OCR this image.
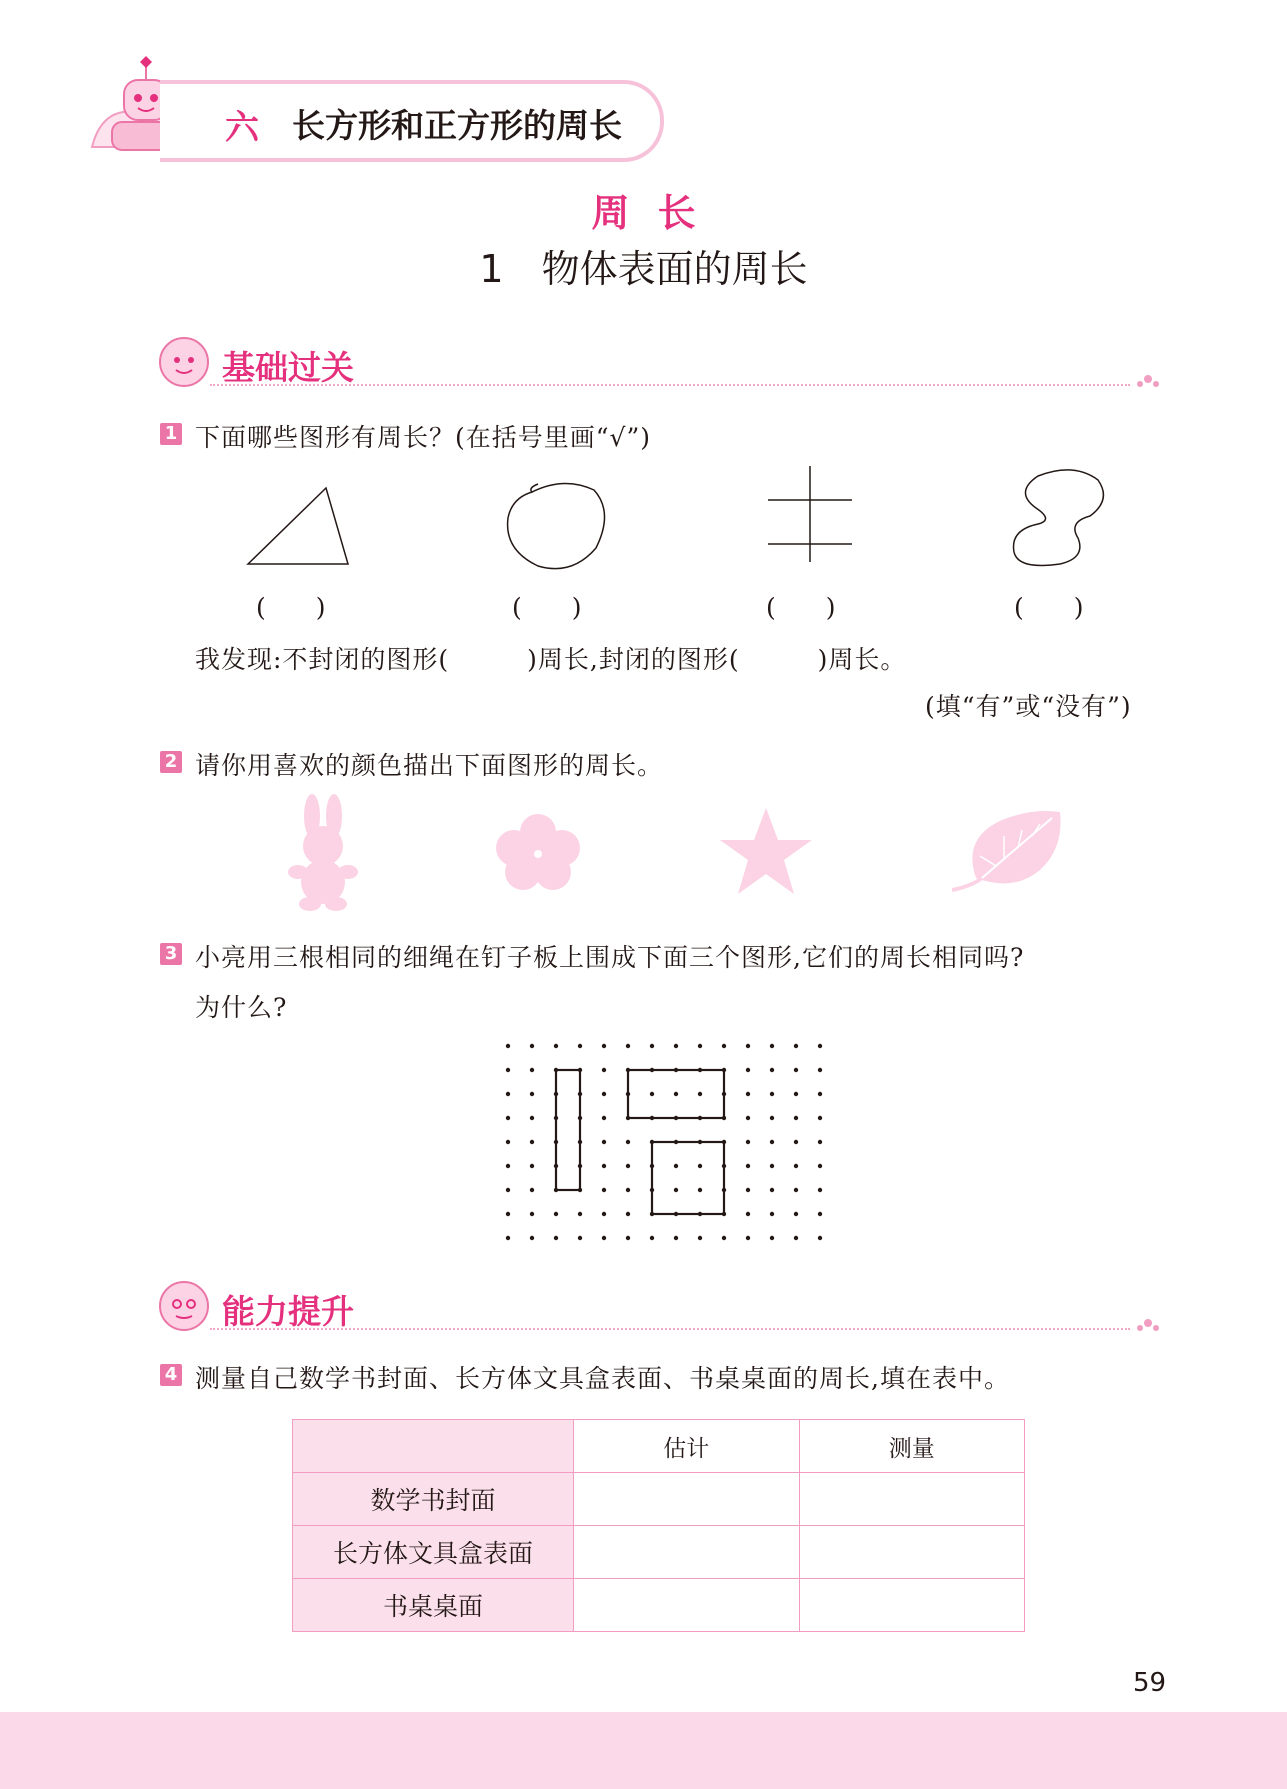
六 长方形和正方形的周长
周长
1　物体表面的周长
基础过关
1 下面哪些图形有周长？(在括号里画“√”)
(　　)	(　　)	(　　)	(　　)
我发现:不封闭的图形(　　　)周长,封闭的图形(　　　)周长。
(填“有”或“没有”)
2 请你用喜欢的颜色描出下面图形的周长。
3 小亮用三根相同的细绳在钉子板上围成下面三个图形,它们的周长相同吗?
为什么?
能力提升
4 测量自己数学书封面、长方体文具盒表面、书桌桌面的周长,填在表中。
	估计	测量
数学书封面		
长方体文具盒表面		
书桌桌面		
59
